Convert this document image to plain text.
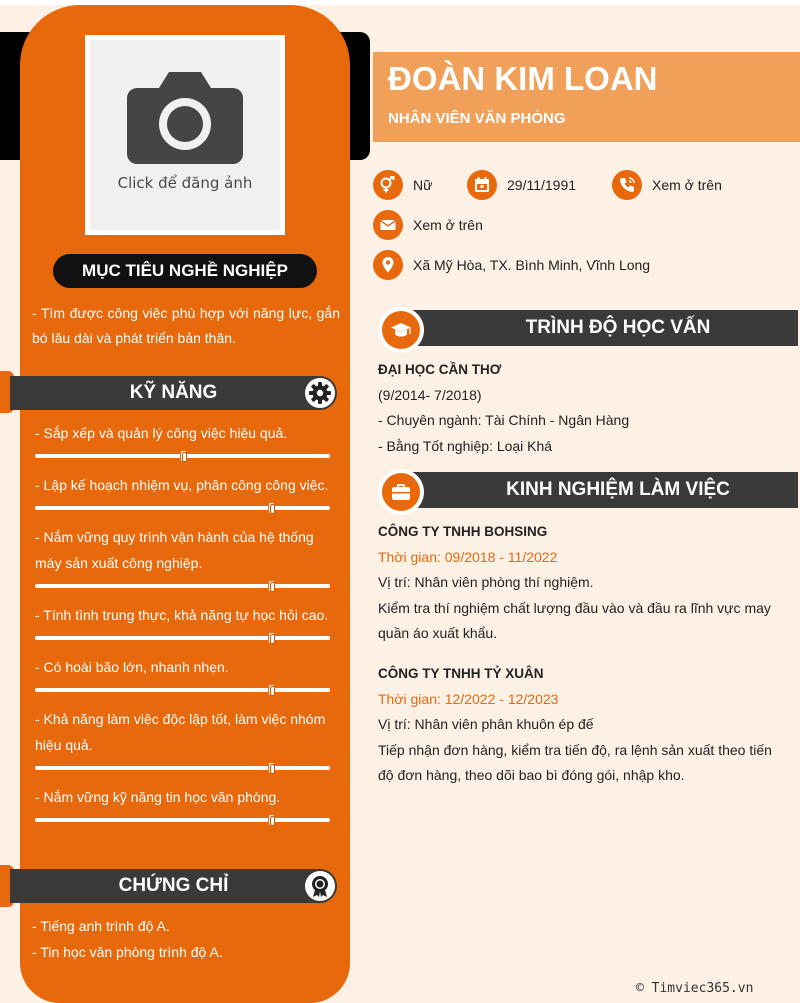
Click để đăng ảnh
MỤC TIÊU NGHỀ NGHIỆP
- Tìm được công việc phù hợp với năng lực, gắn bó lâu dài và phát triển bản thân.
KỸ NĂNG
- Sắp xếp và quản lý công việc hiệu quả.
- Lập kế hoạch nhiệm vụ, phân công công việc.
- Nắm vững quy trình vận hành của hệ thống máy sản xuất công nghiệp.
- Tính tình trung thực, khả năng tự học hỏi cao.
- Có hoài bão lớn, nhanh nhẹn.
- Khả năng làm việc độc lập tốt, làm việc nhóm hiệu quả.
- Nắm vững kỹ năng tin học văn phòng.
CHỨNG CHỈ
- Tiếng anh trình độ A.
- Tin học văn phòng trình độ A.
ĐOÀN KIM LOAN
NHÂN VIÊN VĂN PHÒNG
Nữ	29/11/1991	Xem ở trên
Xem ở trên
Xã Mỹ Hòa, TX. Bình Minh, Vĩnh Long
TRÌNH ĐỘ HỌC VẤN
ĐẠI HỌC CẦN THƠ
(9/2014- 7/2018)
- Chuyên ngành: Tài Chính - Ngân Hàng
- Bằng Tốt nghiệp: Loại Khá
KINH NGHIỆM LÀM VIỆC
CÔNG TY TNHH BOHSING
Thời gian: 09/2018 - 11/2022
Vị trí: Nhân viên phòng thí nghiệm.
Kiểm tra thí nghiệm chất lượng đầu vào và đầu ra lĩnh vực may quần áo xuất khẩu.
CÔNG TY TNHH TỶ XUÂN
Thời gian: 12/2022 - 12/2023
Vị trí: Nhân viên phân khuôn ép đế
Tiếp nhận đơn hàng, kiểm tra tiến độ, ra lệnh sản xuất theo tiến độ đơn hàng, theo dõi bao bì đóng gói, nhập kho.
© Timviec365.vn
